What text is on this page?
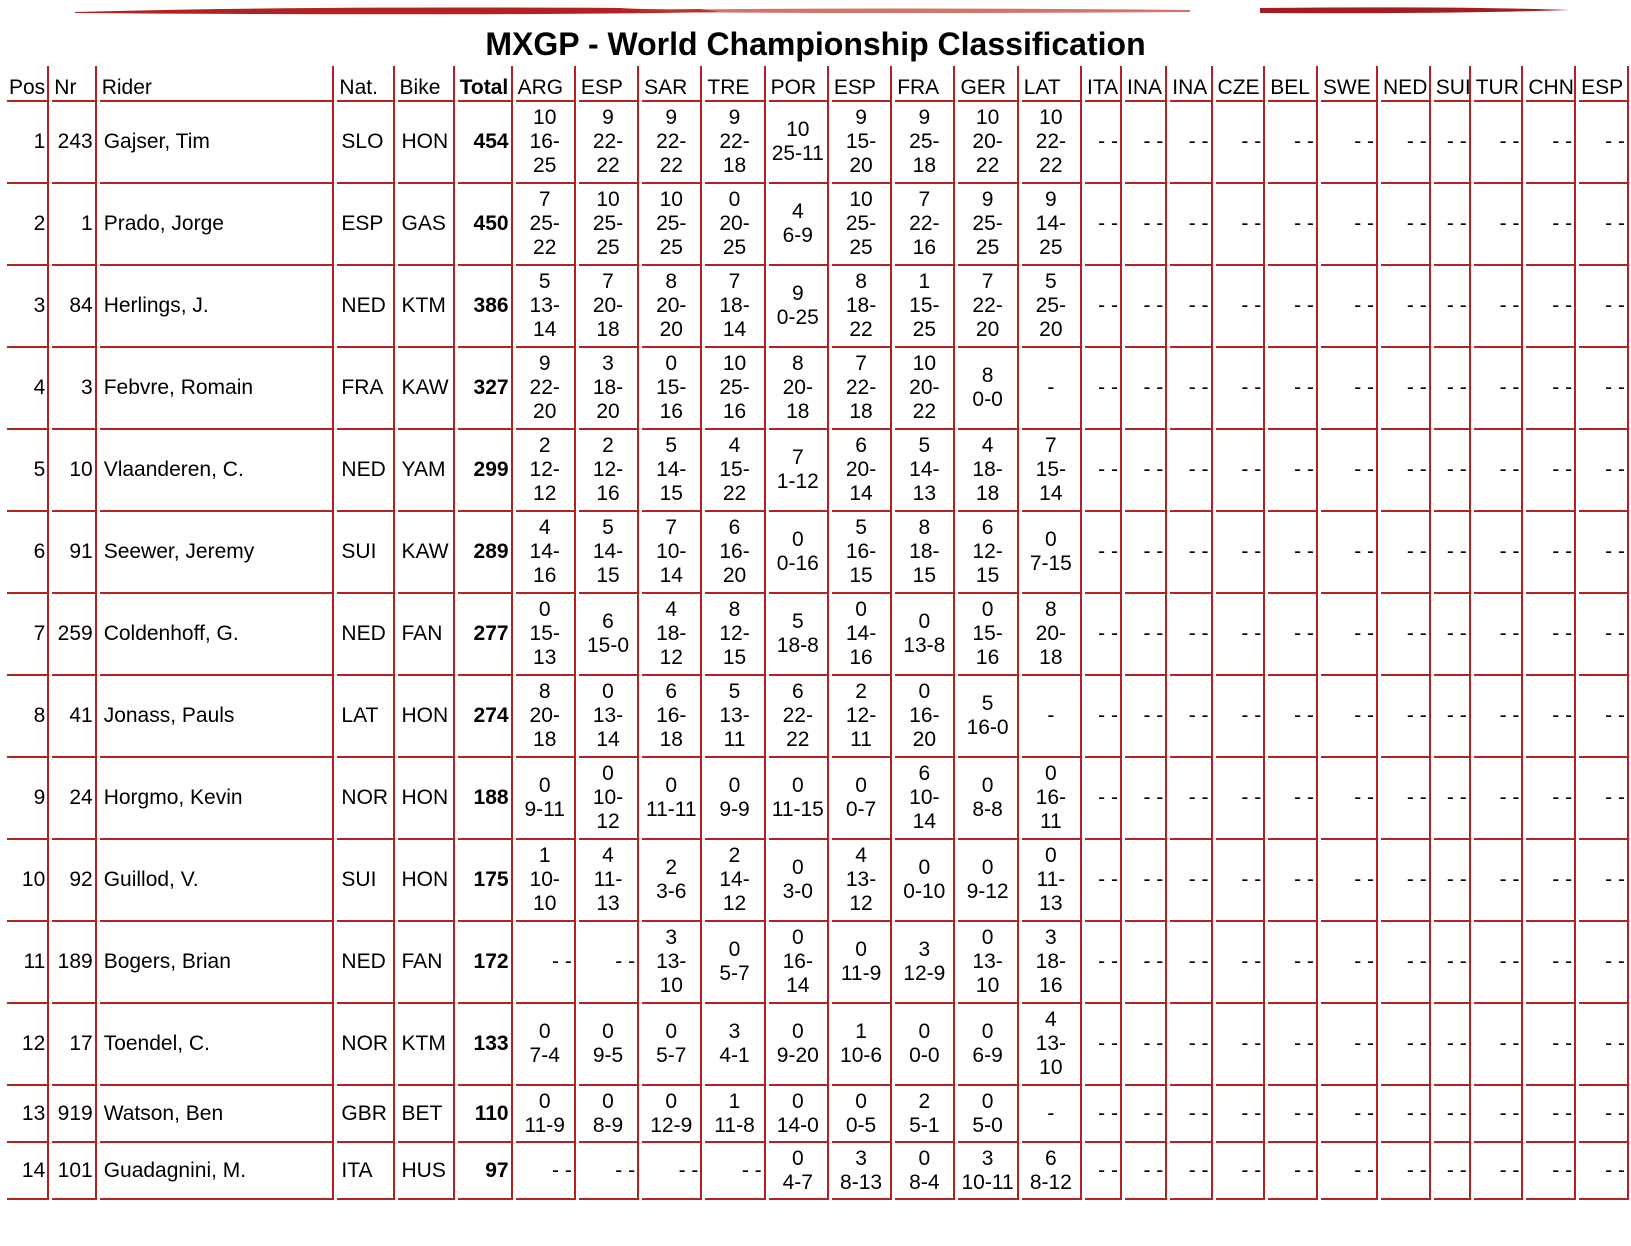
MXGP - World Championship Classification
Pos	Nr	Rider	Nat.	Bike	Total	ARG	ESP	SAR	TRE	POR	ESP	FRA	GER	LAT	ITA	INA	INA	CZE	BEL	SWE	NED	SUI	TUR	CHN	ESP
1	243	Gajser, Tim	SLO	HON	454	10
16-
25	9
22-
22	9
22-
22	9
22-
18	10
25-11	9
15-
20	9
25-
18	10
20-
22	10
22-
22	- -	- -	- -	- -	- -	- -	- -	- -	- -	- -	- -

2	1	Prado, Jorge	ESP	GAS	450	7
25-
22	10
25-
25	10
25-
25	0
20-
25	4
6-9	10
25-
25	7
22-
16	9
25-
25	9
14-
25	- -	- -	- -	- -	- -	- -	- -	- -	- -	- -	- -

3	84	Herlings, J.	NED	KTM	386	5
13-
14	7
20-
18	8
20-
20	7
18-
14	9
0-25	8
18-
22	1
15-
25	7
22-
20	5
25-
20	- -	- -	- -	- -	- -	- -	- -	- -	- -	- -	- -

4	3	Febvre, Romain	FRA	KAW	327	9
22-
20	3
18-
20	0
15-
16	10
25-
16	8
20-
18	7
22-
18	10
20-
22	8
0-0	-	- -	- -	- -	- -	- -	- -	- -	- -	- -	- -	- -

5	10	Vlaanderen, C.	NED	YAM	299	2
12-
12	2
12-
16	5
14-
15	4
15-
22	7
1-12	6
20-
14	5
14-
13	4
18-
18	7
15-
14	- -	- -	- -	- -	- -	- -	- -	- -	- -	- -	- -

6	91	Seewer, Jeremy	SUI	KAW	289	4
14-
16	5
14-
15	7
10-
14	6
16-
20	0
0-16	5
16-
15	8
18-
15	6
12-
15	0
7-15	- -	- -	- -	- -	- -	- -	- -	- -	- -	- -	- -

7	259	Coldenhoff, G.	NED	FAN	277	0
15-
13	6
15-0	4
18-
12	8
12-
15	5
18-8	0
14-
16	0
13-8	0
15-
16	8
20-
18	- -	- -	- -	- -	- -	- -	- -	- -	- -	- -	- -

8	41	Jonass, Pauls	LAT	HON	274	8
20-
18	0
13-
14	6
16-
18	5
13-
11	6
22-
22	2
12-
11	0
16-
20	5
16-0	-	- -	- -	- -	- -	- -	- -	- -	- -	- -	- -	- -

9	24	Horgmo, Kevin	NOR	HON	188	0
9-11	0
10-
12	0
11-11	0
9-9	0
11-15	0
0-7	6
10-
14	0
8-8	0
16-
11	- -	- -	- -	- -	- -	- -	- -	- -	- -	- -	- -

10	92	Guillod, V.	SUI	HON	175	1
10-
10	4
11-
13	2
3-6	2
14-
12	0
3-0	4
13-
12	0
0-10	0
9-12	0
11-
13	- -	- -	- -	- -	- -	- -	- -	- -	- -	- -	- -

11	189	Bogers, Brian	NED	FAN	172	- -	- -	3
13-
10	0
5-7	0
16-
14	0
11-9	3
12-9	0
13-
10	3
18-
16	- -	- -	- -	- -	- -	- -	- -	- -	- -	- -	- -

12	17	Toendel, C.	NOR	KTM	133	0
7-4	0
9-5	0
5-7	3
4-1	0
9-20	1
10-6	0
0-0	0
6-9	4
13-
10	- -	- -	- -	- -	- -	- -	- -	- -	- -	- -	- -

13	919	Watson, Ben	GBR	BET	110	0
11-9	0
8-9	0
12-9	1
11-8	0
14-0	0
0-5	2
5-1	0
5-0	-	- -	- -	- -	- -	- -	- -	- -	- -	- -	- -	- -

14	101	Guadagnini, M.	ITA	HUS	97	- -	- -	- -	- -	0
4-7	3
8-13	0
8-4	3
10-11	6
8-12	- -	- -	- -	- -	- -	- -	- -	- -	- -	- -	- -
